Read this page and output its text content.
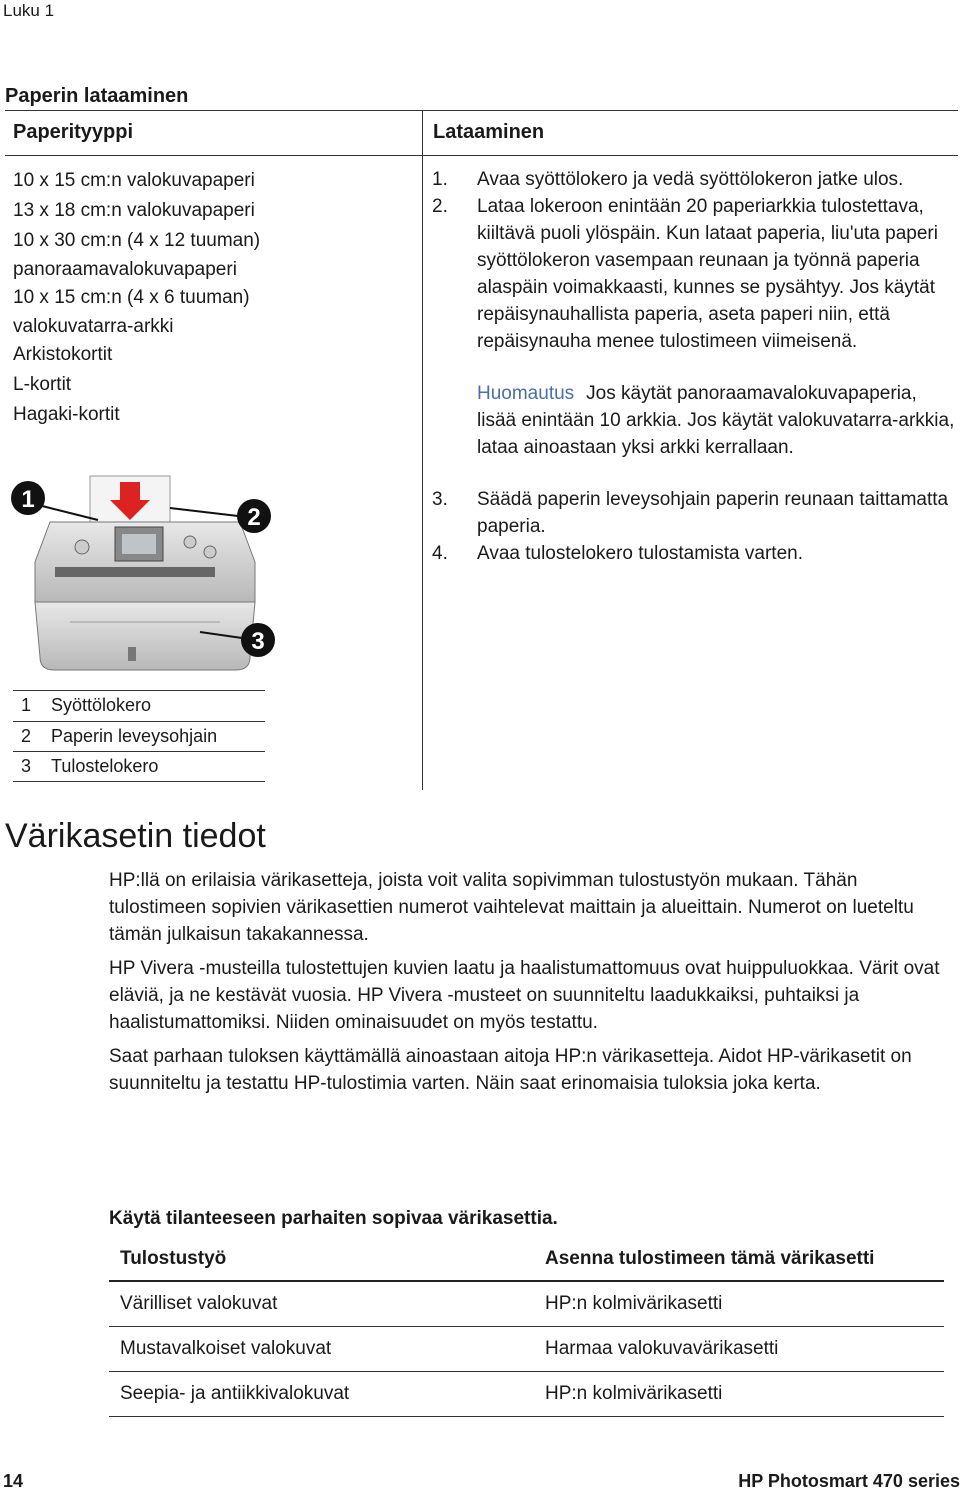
Luku 1
Paperin lataaminen
Paperityyppi	Lataaminen
10 x 15 cm:n valokuvapaperi
13 x 18 cm:n valokuvapaperi
10 x 30 cm:n (4 x 12 tuuman)
panoraamavalokuvapaperi
10 x 15 cm:n (4 x 6 tuuman)
valokuvatarra-arkki
Arkistokortit
L-kortit
Hagaki-kortit
1.	Avaa syöttölokero ja vedä syöttölokeron jatke ulos.
2.	Lataa lokeroon enintään 20 paperiarkkia tulostettava, kiiltävä puoli ylöspäin. Kun lataat paperia, liu'uta paperi syöttölokeron vasempaan reunaan ja työnnä paperia alaspäin voimakkaasti, kunnes se pysähtyy. Jos käytät repäisynauhallista paperia, aseta paperi niin, että repäisynauha menee tulostimeen viimeisenä.
Huomautus Jos käytät panoraamavalokuvapaperia, lisää enintään 10 arkkia. Jos käytät valokuvatarra-arkkia, lataa ainoastaan yksi arkki kerrallaan.
3.	Säädä paperin leveysohjain paperin reunaan taittamatta paperia.
4.	Avaa tulostelokero tulostamista varten.
1
2
3
1	Syöttölokero
2	Paperin leveysohjain
3	Tulostelokero
Värikasetin tiedot

HP:llä on erilaisia värikasetteja, joista voit valita sopivimman tulostustyön mukaan. Tähän tulostimeen sopivien värikasettien numerot vaihtelevat maittain ja alueittain. Numerot on lueteltu tämän julkaisun takakannessa.

HP Vivera -musteilla tulostettujen kuvien laatu ja haalistumattomuus ovat huippuluokkaa. Värit ovat eläviä, ja ne kestävät vuosia. HP Vivera -musteet on suunniteltu laadukkaiksi, puhtaiksi ja haalistumattomiksi. Niiden ominaisuudet on myös testattu.

Saat parhaan tuloksen käyttämällä ainoastaan aitoja HP:n värikasetteja. Aidot HP-värikasetit on suunniteltu ja testattu HP-tulostimia varten. Näin saat erinomaisia tuloksia joka kerta.

Käytä tilanteeseen parhaiten sopivaa värikasettia.
Tulostustyö	Asenna tulostimeen tämä värikasetti
Värilliset valokuvat	HP:n kolmivärikasetti
Mustavalkoiset valokuvat	Harmaa valokuvavärikasetti
Seepia- ja antiikkivalokuvat	HP:n kolmivärikasetti
14	HP Photosmart 470 series
